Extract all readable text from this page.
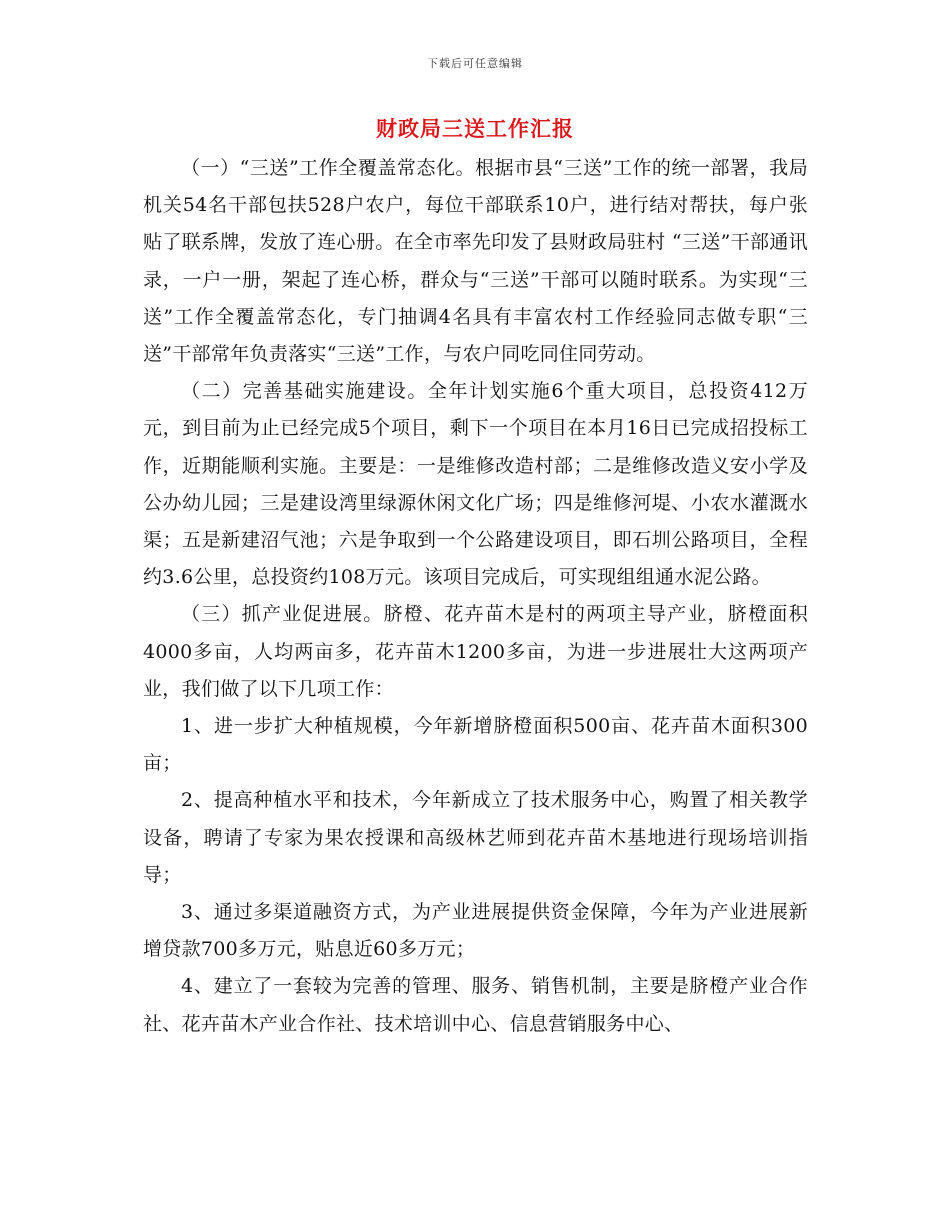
下载后可任意编辑
财政局三送工作汇报

（一）“三送”工作全覆盖常态化。根据市县“三送”工作的统一部署，我局机关54名干部包扶528户农户，每位干部联系10户，进行结对帮扶，每户张贴了联系牌，发放了连心册。在全市率先印发了县财政局驻村 “三送”干部通讯录，一户一册，架起了连心桥，群众与“三送”干部可以随时联系。为实现“三送”工作全覆盖常态化，专门抽调4名具有丰富农村工作经验同志做专职“三送”干部常年负责落实“三送”工作，与农户同吃同住同劳动。

（二）完善基础实施建设。全年计划实施6个重大项目，总投资412万元，到目前为止已经完成5个项目，剩下一个项目在本月16日已完成招投标工作，近期能顺利实施。主要是：一是维修改造村部；二是维修改造义安小学及公办幼儿园；三是建设湾里绿源休闲文化广场；四是维修河堤、小农水灌溉水渠；五是新建沼气池；六是争取到一个公路建设项目，即石圳公路项目，全程约3.6公里，总投资约108万元。该项目完成后，可实现组组通水泥公路。

（三）抓产业促进展。脐橙、花卉苗木是村的两项主导产业，脐橙面积4000多亩，人均两亩多，花卉苗木1200多亩，为进一步进展壮大这两项产业，我们做了以下几项工作：

1、进一步扩大种植规模，今年新增脐橙面积500亩、花卉苗木面积300亩；

2、提高种植水平和技术，今年新成立了技术服务中心，购置了相关教学设备，聘请了专家为果农授课和高级林艺师到花卉苗木基地进行现场培训指导；

3、通过多渠道融资方式，为产业进展提供资金保障，今年为产业进展新增贷款700多万元，贴息近60多万元；

4、建立了一套较为完善的管理、服务、销售机制，主要是脐橙产业合作社、花卉苗木产业合作社、技术培训中心、信息营销服务中心、
